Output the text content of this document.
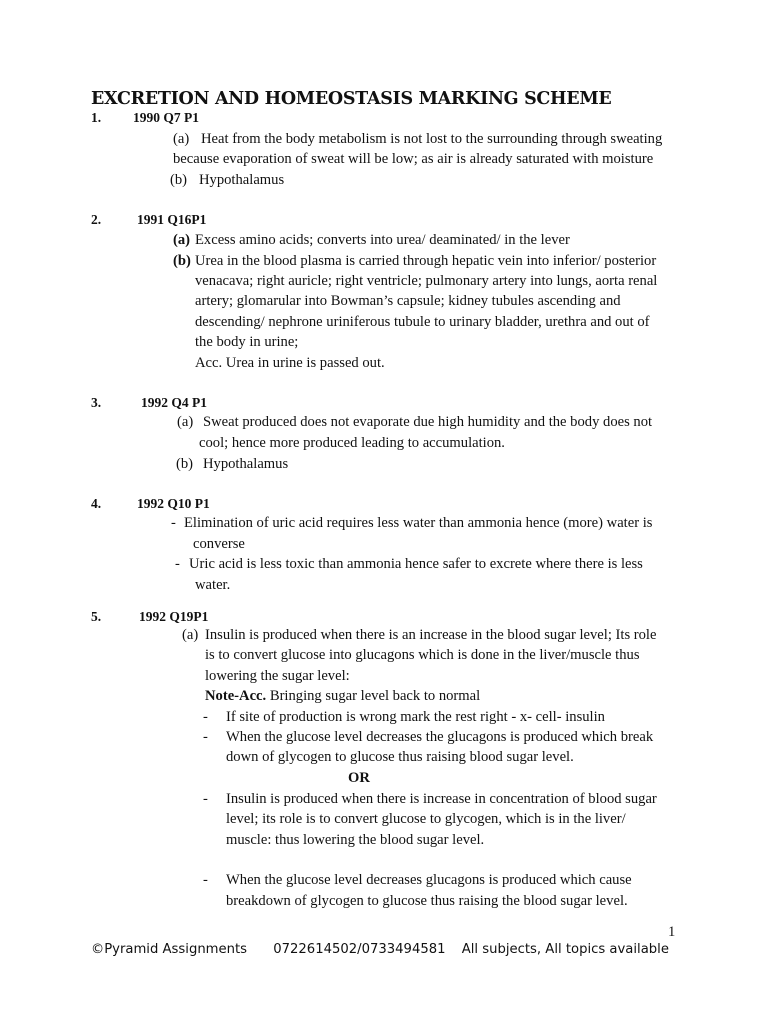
EXCRETION AND HOMEOSTASIS MARKING SCHEME
1. 1990 Q7 P1
(a) Heat from the body metabolism is not lost to the surrounding through sweating
because evaporation of sweat will be low; as air is already saturated with moisture
(b) Hypothalamus
2.	1991 Q16P1
(a) Excess amino acids; converts into urea/ deaminated/ in the lever
(b) Urea in the blood plasma is carried through hepatic vein into inferior/ posterior
venacava; right auricle; right ventricle; pulmonary artery into lungs, aorta renal
artery; glomarular into Bowman’s capsule; kidney tubules ascending and
descending/ nephrone uriniferous tubule to urinary bladder, urethra and out of
the body in urine;
Acc. Urea in urine is passed out.
3.	1992 Q4 P1
(a) Sweat produced does not evaporate due high humidity and the body does not
cool; hence more produced leading to accumulation.
(b) Hypothalamus
4.	1992 Q10 P1
- Elimination of uric acid requires less water than ammonia hence (more) water is
converse
- Uric acid is less toxic than ammonia hence safer to excrete where there is less
water.
5.	1992 Q19P1
(a) Insulin is produced when there is an increase in the blood sugar level; Its role
is to convert glucose into glucagons which is done in the liver/muscle thus
lowering the sugar level:
Note-Acc. Bringing sugar level back to normal
- If site of production is wrong mark the rest right - x- cell- insulin
- When the glucose level decreases the glucagons is produced which break
down of glycogen to glucose thus raising blood sugar level.
OR
- Insulin is produced when there is increase in concentration of blood sugar
level; its role is to convert glucose to glycogen, which is in the liver/
muscle: thus lowering the blood sugar level.
- When the glucose level decreases glucagons is produced which cause
breakdown of glycogen to glucose thus raising the blood sugar level.
1
©Pyramid Assignments 0722614502/0733494581 All subjects, All topics available
